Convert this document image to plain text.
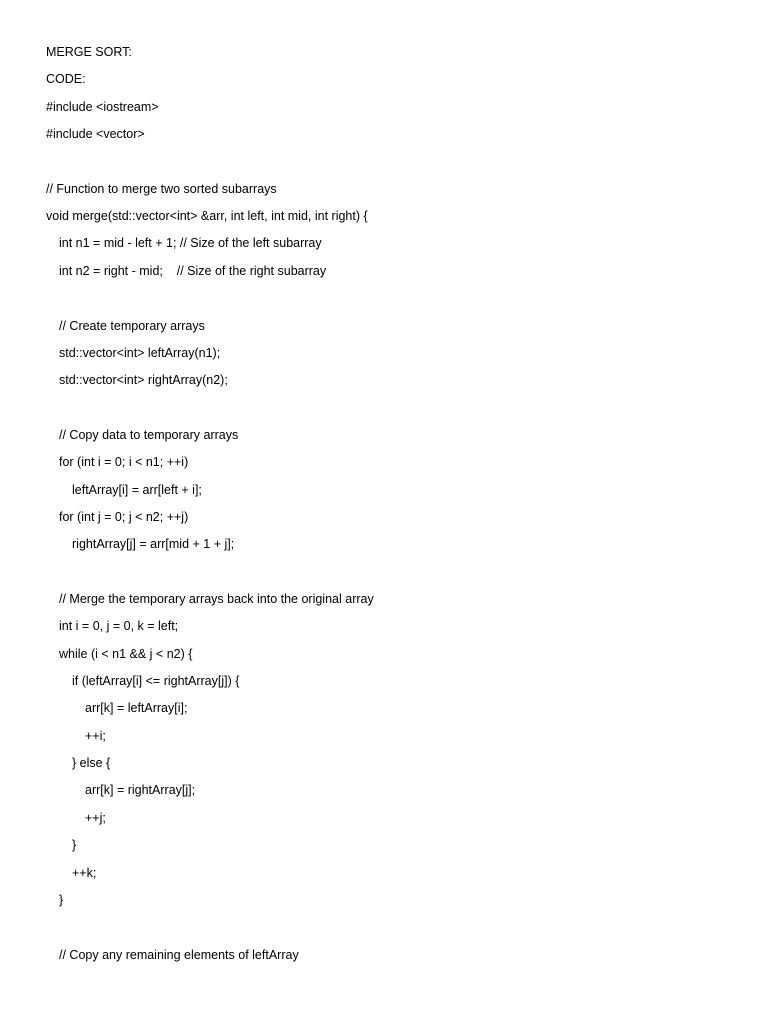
MERGE SORT:
CODE:
#include <iostream>
#include <vector>
// Function to merge two sorted subarrays
void merge(std::vector<int> &arr, int left, int mid, int right) {
int n1 = mid - left + 1; // Size of the left subarray
int n2 = right - mid;    // Size of the right subarray
// Create temporary arrays
std::vector<int> leftArray(n1);
std::vector<int> rightArray(n2);
// Copy data to temporary arrays
for (int i = 0; i < n1; ++i)
leftArray[i] = arr[left + i];
for (int j = 0; j < n2; ++j)
rightArray[j] = arr[mid + 1 + j];
// Merge the temporary arrays back into the original array
int i = 0, j = 0, k = left;
while (i < n1 && j < n2) {
if (leftArray[i] <= rightArray[j]) {
arr[k] = leftArray[i];
++i;
} else {
arr[k] = rightArray[j];
++j;
}
++k;
}
// Copy any remaining elements of leftArray
